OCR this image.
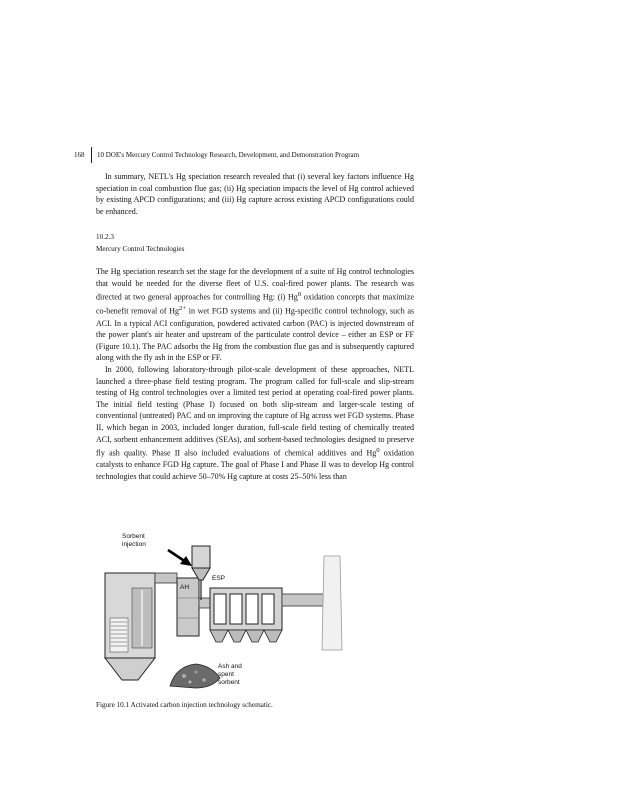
168 10 DOE's Mercury Control Technology Research, Development, and Demonstration Program

In summary, NETL's Hg speciation research revealed that (i) several key factors influence Hg speciation in coal combustion flue gas; (ii) Hg speciation impacts the level of Hg control achieved by existing APCD configurations; and (iii) Hg capture across existing APCD configurations could be enhanced.

10.2.3
Mercury Control Technologies

The Hg speciation research set the stage for the development of a suite of Hg control technologies that would be needed for the diverse fleet of U.S. coal-fired power plants. The research was directed at two general approaches for controlling Hg: (i) Hg$^0$ oxidation concepts that maximize co-benefit removal of $Hg^{2+}$ in wet FGD systems and (ii) Hg-specific control technology, such as ACI. In a typical ACI configuration, powdered activated carbon (PAC) is injected downstream of the power plant's air heater and upstream of the particulate control device – either an ESP or FF (Figure 10.1). The PAC adsorbs the Hg from the combustion flue gas and is subsequently captured along with the fly ash in the ESP or FF.

In 2000, following laboratory-through pilot-scale development of these approaches, NETL launched a three-phase field testing program. The program called for full-scale and slip-stream testing of Hg control technologies over a limited test period at operating coal-fired power plants. The initial field testing (Phase I) focused on both slip-stream and larger-scale testing of conventional (untreated) PAC and on improving the capture of Hg across wet FGD systems. Phase II, which began in 2003, included longer duration, full-scale field testing of chemically treated ACI, sorbent enhancement additives (SEAs), and sorbent-based technologies designed to preserve fly ash quality. Phase II also included evaluations of chemical additives and Hg$^0$ oxidation catalysts to enhance FGD Hg capture. The goal of Phase I and Phase II was to develop Hg control technologies that could achieve 50–70% Hg capture at costs 25–50% less than

Sorbent
injection
AH
ESP
Ash and
spent
sorbent
Figure 10.1 Activated carbon injection technology schematic.
